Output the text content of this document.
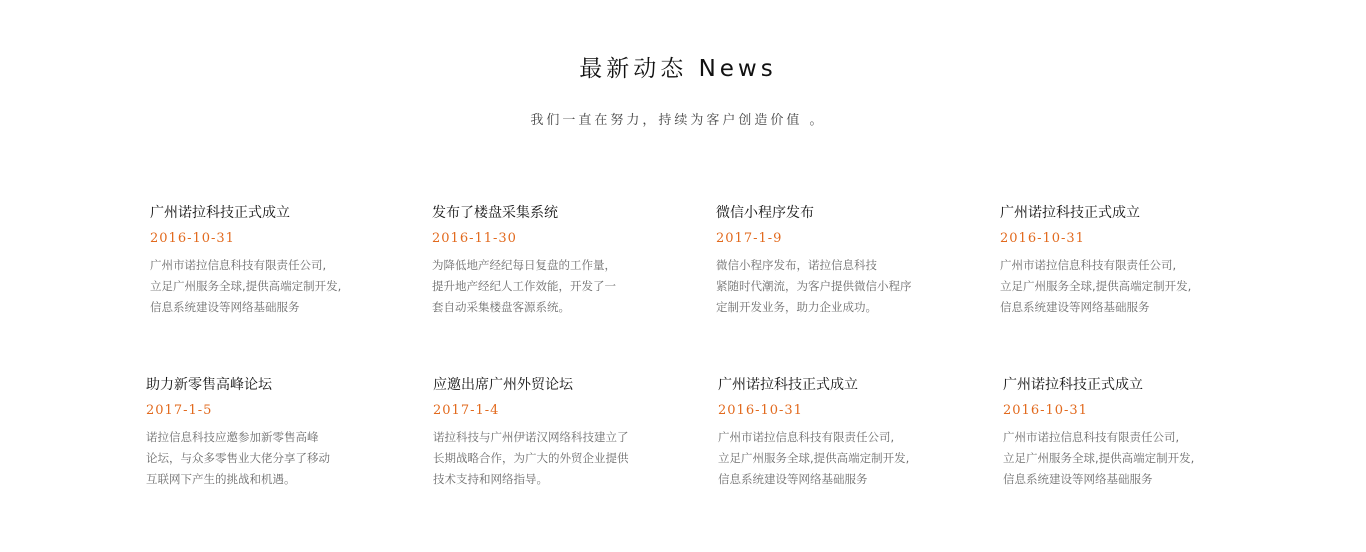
最新动态 News

我们一直在努力，持续为客户创造价值 。

广州诺拉科技正式成立
2016-10-31
广州市诺拉信息科技有限责任公司,
立足广州服务全球,提供高端定制开发,
信息系统建设等网络基础服务
发布了楼盘采集系统
2016-11-30
为降低地产经纪每日复盘的工作量，
提升地产经纪人工作效能，开发了一
套自动采集楼盘客源系统。
微信小程序发布
2017-1-9
微信小程序发布，诺拉信息科技
紧随时代潮流，为客户提供微信小程序
定制开发业务，助力企业成功。
广州诺拉科技正式成立
2016-10-31
广州市诺拉信息科技有限责任公司,
立足广州服务全球,提供高端定制开发,
信息系统建设等网络基础服务
助力新零售高峰论坛
2017-1-5
诺拉信息科技应邀参加新零售高峰
论坛，与众多零售业大佬分享了移动
互联网下产生的挑战和机遇。
应邀出席广州外贸论坛
2017-1-4
诺拉科技与广州伊诺汉网络科技建立了
长期战略合作，为广大的外贸企业提供
技术支持和网络指导。
广州诺拉科技正式成立
2016-10-31
广州市诺拉信息科技有限责任公司,
立足广州服务全球,提供高端定制开发,
信息系统建设等网络基础服务
广州诺拉科技正式成立
2016-10-31
广州市诺拉信息科技有限责任公司,
立足广州服务全球,提供高端定制开发,
信息系统建设等网络基础服务
